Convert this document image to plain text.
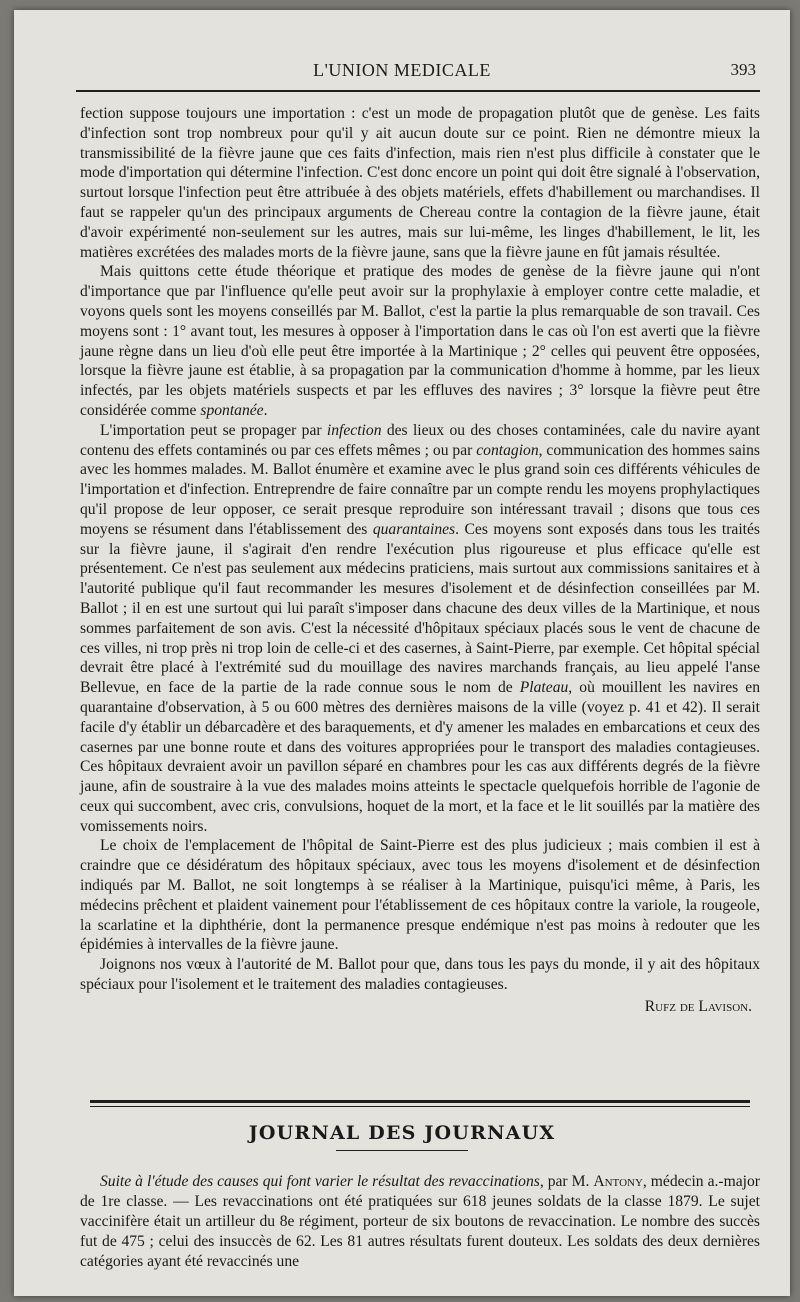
L'UNION MEDICALE	393

fection suppose toujours une importation : c'est un mode de propagation plutôt que de genèse. Les faits d'infection sont trop nombreux pour qu'il y ait aucun doute sur ce point. Rien ne démontre mieux la transmissibilité de la fièvre jaune que ces faits d'infection, mais rien n'est plus difficile à constater que le mode d'importation qui détermine l'infection. C'est donc encore un point qui doit être signalé à l'observation, surtout lorsque l'infection peut être attribuée à des objets matériels, effets d'habillement ou marchandises. Il faut se rappeler qu'un des principaux arguments de Chereau contre la contagion de la fièvre jaune, était d'avoir expérimenté non-seulement sur les autres, mais sur lui-même, les linges d'habillement, le lit, les matières excrétées des malades morts de la fièvre jaune, sans que la fièvre jaune en fût jamais résultée.

Mais quittons cette étude théorique et pratique des modes de genèse de la fièvre jaune qui n'ont d'importance que par l'influence qu'elle peut avoir sur la prophylaxie à employer contre cette maladie, et voyons quels sont les moyens conseillés par M. Ballot, c'est la partie la plus remarquable de son travail. Ces moyens sont : 1° avant tout, les mesures à opposer à l'importation dans le cas où l'on est averti que la fièvre jaune règne dans un lieu d'où elle peut être importée à la Martinique ; 2° celles qui peuvent être opposées, lorsque la fièvre jaune est établie, à sa propagation par la communication d'homme à homme, par les lieux infectés, par les objets matériels suspects et par les effluves des navires ; 3° lorsque la fièvre peut être considérée comme spontanée.

L'importation peut se propager par infection des lieux ou des choses contaminées, cale du navire ayant contenu des effets contaminés ou par ces effets mêmes ; ou par contagion, communication des hommes sains avec les hommes malades. M. Ballot énumère et examine avec le plus grand soin ces différents véhicules de l'importation et d'infection. Entreprendre de faire connaître par un compte rendu les moyens prophylactiques qu'il propose de leur opposer, ce serait presque reproduire son intéressant travail ; disons que tous ces moyens se résument dans l'établissement des quarantaines. Ces moyens sont exposés dans tous les traités sur la fièvre jaune, il s'agirait d'en rendre l'exécution plus rigoureuse et plus efficace qu'elle est présentement. Ce n'est pas seulement aux médecins praticiens, mais surtout aux commissions sanitaires et à l'autorité publique qu'il faut recommander les mesures d'isolement et de désinfection conseillées par M. Ballot ; il en est une surtout qui lui paraît s'imposer dans chacune des deux villes de la Martinique, et nous sommes parfaitement de son avis. C'est la nécessité d'hôpitaux spéciaux placés sous le vent de chacune de ces villes, ni trop près ni trop loin de celle-ci et des casernes, à Saint-Pierre, par exemple. Cet hôpital spécial devrait être placé à l'extrémité sud du mouillage des navires marchands français, au lieu appelé l'anse Bellevue, en face de la partie de la rade connue sous le nom de Plateau, où mouillent les navires en quarantaine d'observation, à 5 ou 600 mètres des dernières maisons de la ville (voyez p. 41 et 42). Il serait facile d'y établir un débarcadère et des baraquements, et d'y amener les malades en embarcations et ceux des casernes par une bonne route et dans des voitures appropriées pour le transport des maladies contagieuses. Ces hôpitaux devraient avoir un pavillon séparé en chambres pour les cas aux différents degrés de la fièvre jaune, afin de soustraire à la vue des malades moins atteints le spectacle quelquefois horrible de l'agonie de ceux qui succombent, avec cris, convulsions, hoquet de la mort, et la face et le lit souillés par la matière des vomissements noirs.

Le choix de l'emplacement de l'hôpital de Saint-Pierre est des plus judicieux ; mais combien il est à craindre que ce désidératum des hôpitaux spéciaux, avec tous les moyens d'isolement et de désinfection indiqués par M. Ballot, ne soit longtemps à se réaliser à la Martinique, puisqu'ici même, à Paris, les médecins prêchent et plaident vainement pour l'établissement de ces hôpitaux contre la variole, la rougeole, la scarlatine et la diphthérie, dont la permanence presque endémique n'est pas moins à redouter que les épidémies à intervalles de la fièvre jaune.

Joignons nos vœux à l'autorité de M. Ballot pour que, dans tous les pays du monde, il y ait des hôpitaux spéciaux pour l'isolement et le traitement des maladies contagieuses.

Rufz de Lavison.
JOURNAL DES JOURNAUX

Suite à l'étude des causes qui font varier le résultat des revaccinations, par M. Antony, médecin a.-major de 1re classe. — Les revaccinations ont été pratiquées sur 618 jeunes soldats de la classe 1879. Le sujet vaccinifère était un artilleur du 8e régiment, porteur de six boutons de revaccination. Le nombre des succès fut de 475 ; celui des insuccès de 62. Les 81 autres résultats furent douteux. Les soldats des deux dernières catégories ayant été revaccinés une
